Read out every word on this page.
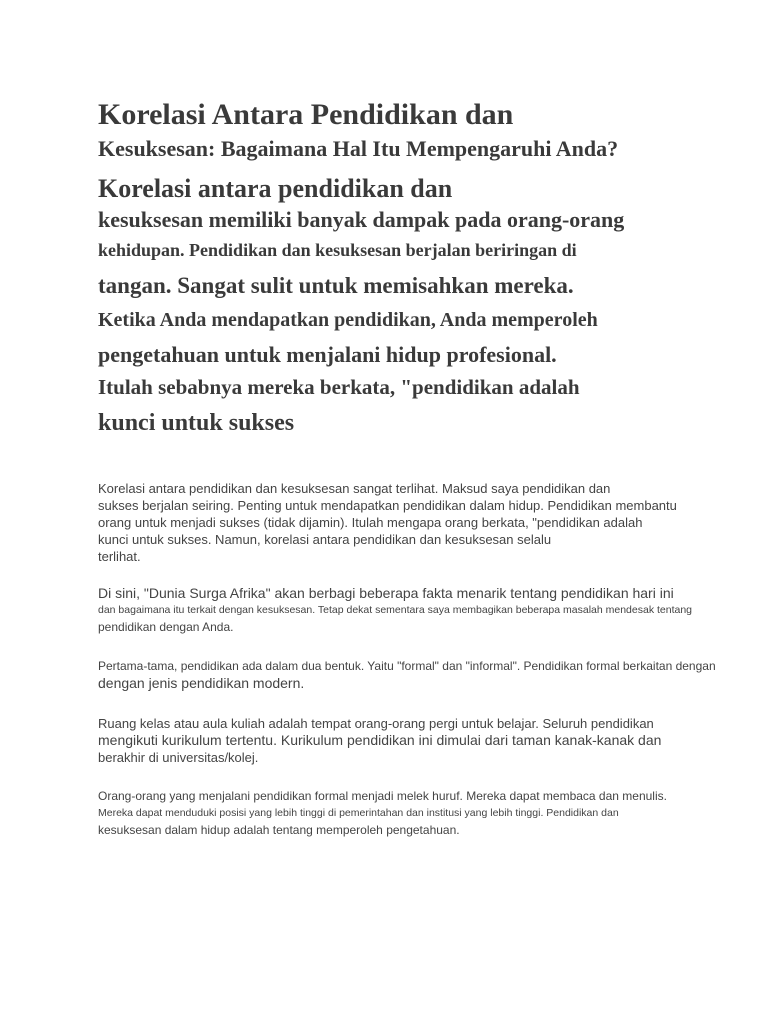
Korelasi Antara Pendidikan dan
Kesuksesan: Bagaimana Hal Itu Mempengaruhi Anda?

Korelasi antara pendidikan dan

kesuksesan memiliki banyak dampak pada orang-orang

kehidupan. Pendidikan dan kesuksesan berjalan beriringan di

tangan. Sangat sulit untuk memisahkan mereka.

Ketika Anda mendapatkan pendidikan, Anda memperoleh

pengetahuan untuk menjalani hidup profesional.

Itulah sebabnya mereka berkata, "pendidikan adalah

kunci untuk sukses

Korelasi antara pendidikan dan kesuksesan sangat terlihat. Maksud saya pendidikan dan
sukses berjalan seiring. Penting untuk mendapatkan pendidikan dalam hidup. Pendidikan membantu
orang untuk menjadi sukses (tidak dijamin). Itulah mengapa orang berkata, "pendidikan adalah
kunci untuk sukses. Namun, korelasi antara pendidikan dan kesuksesan selalu
terlihat.
Di sini, "Dunia Surga Afrika" akan berbagi beberapa fakta menarik tentang pendidikan hari ini
dan bagaimana itu terkait dengan kesuksesan. Tetap dekat sementara saya membagikan beberapa masalah mendesak tentang
pendidikan dengan Anda.
Pertama-tama, pendidikan ada dalam dua bentuk. Yaitu "formal" dan "informal". Pendidikan formal berkaitan dengan
dengan jenis pendidikan modern.
Ruang kelas atau aula kuliah adalah tempat orang-orang pergi untuk belajar. Seluruh pendidikan
mengikuti kurikulum tertentu. Kurikulum pendidikan ini dimulai dari taman kanak-kanak dan
berakhir di universitas/kolej.
Orang-orang yang menjalani pendidikan formal menjadi melek huruf. Mereka dapat membaca dan menulis.
Mereka dapat menduduki posisi yang lebih tinggi di pemerintahan dan institusi yang lebih tinggi. Pendidikan dan
kesuksesan dalam hidup adalah tentang memperoleh pengetahuan.
